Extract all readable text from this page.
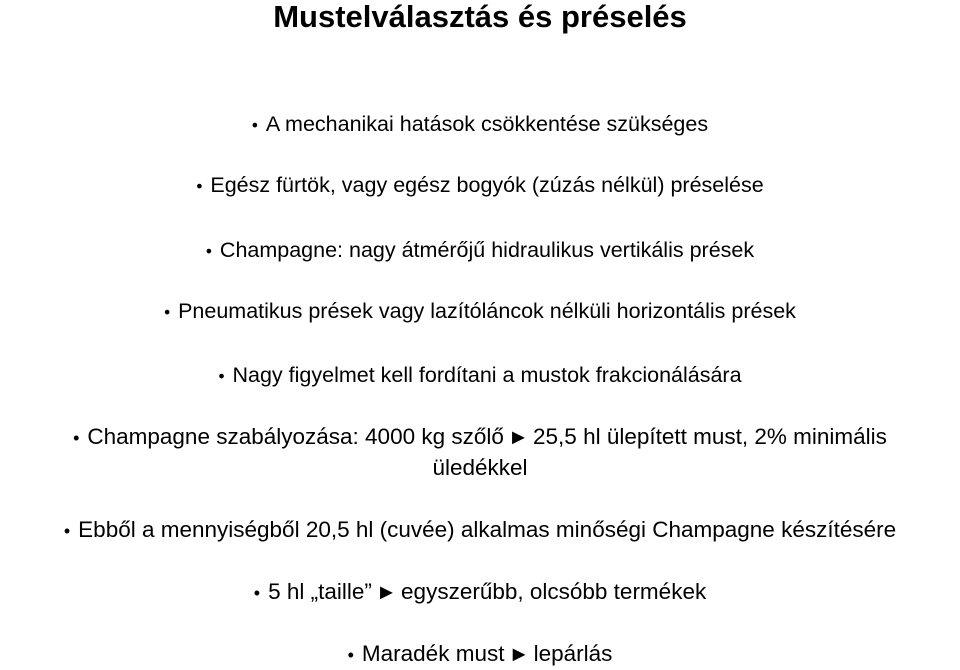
Mustelválasztás és préselés
• A mechanikai hatások csökkentése szükséges
• Egész fürtök, vagy egész bogyók (zúzás nélkül) préselése
• Champagne: nagy átmérőjű hidraulikus vertikális prések
• Pneumatikus prések vagy lazítóláncok nélküli horizontális prések
• Nagy figyelmet kell fordítani a mustok frakcionálására
• Champagne szabályozása: 4000 kg szőlő ► 25,5 hl ülepített must, 2% minimális
üledékkel
• Ebből a mennyiségből 20,5 hl (cuvée) alkalmas minőségi Champagne készítésére
• 5 hl „taille” ► egyszerűbb, olcsóbb termékek
• Maradék must ► lepárlás
